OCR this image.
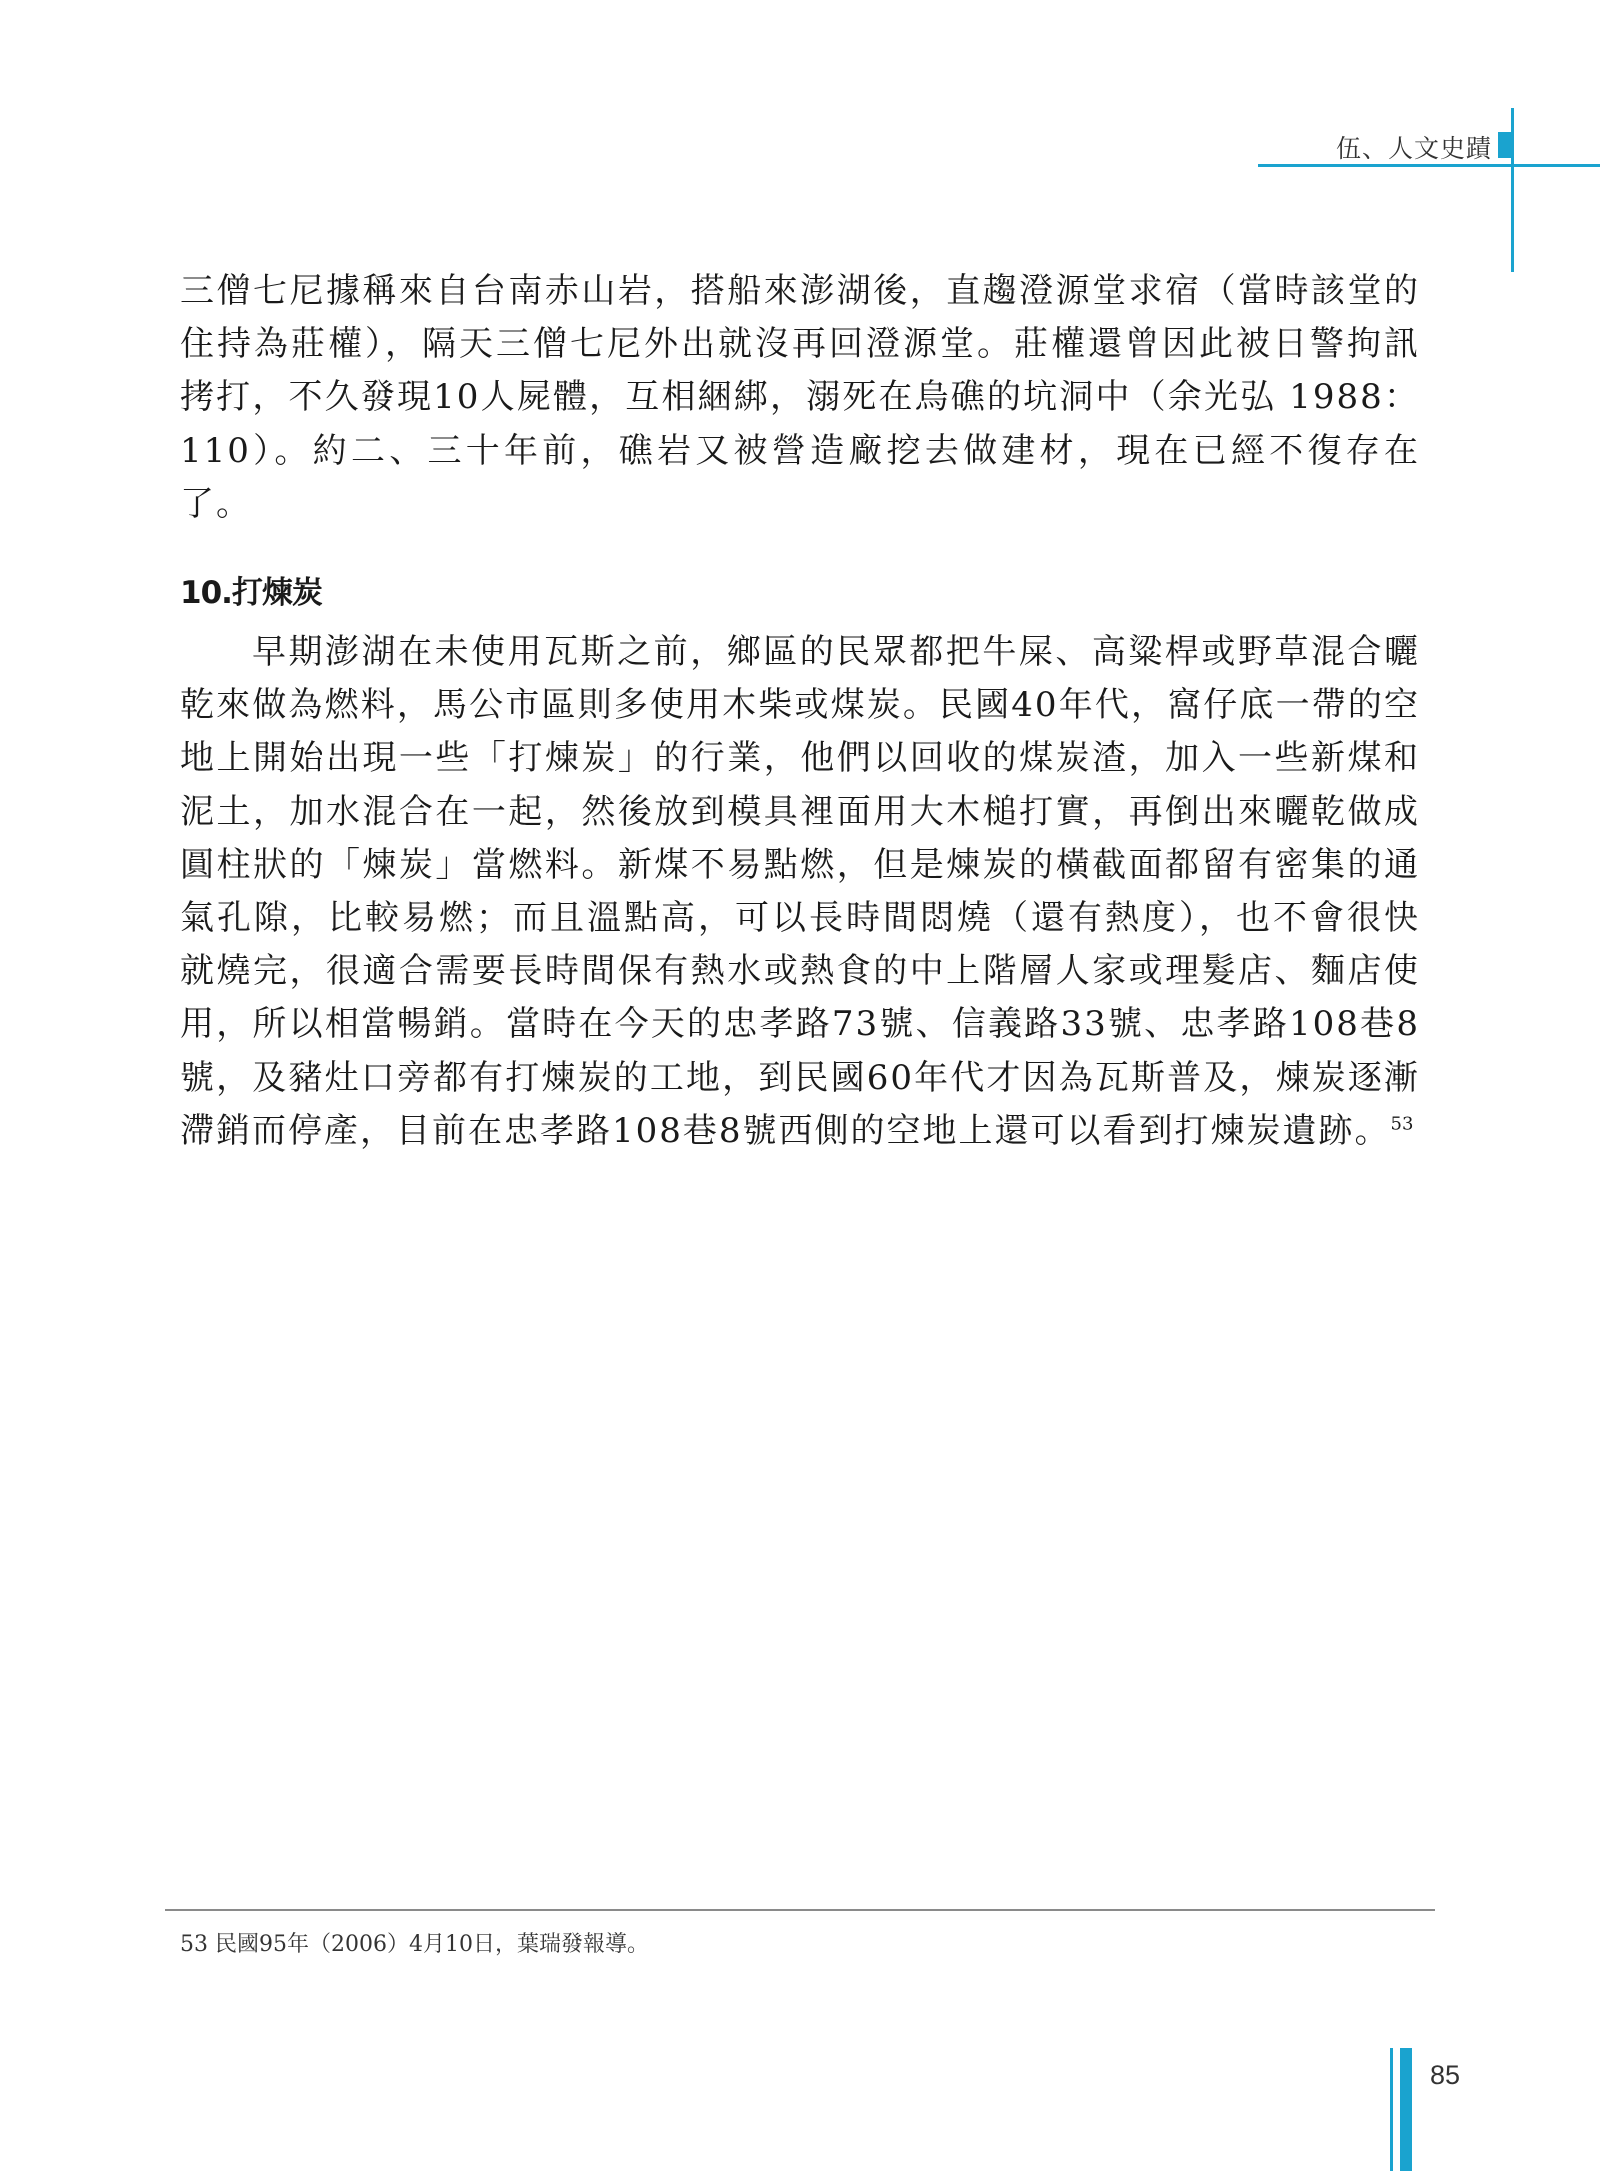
伍、人文史蹟

三僧七尼據稱來自台南赤山岩，搭船來澎湖後，直趨澄源堂求宿（當時該堂的住持為莊權），隔天三僧七尼外出就沒再回澄源堂。莊權還曾因此被日警拘訊拷打，不久發現10人屍體，互相綑綁，溺死在烏礁的坑洞中（余光弘 1988：110）。約二、三十年前，礁岩又被營造廠挖去做建材，現在已經不復存在了。

10.打煉炭

早期澎湖在未使用瓦斯之前，鄉區的民眾都把牛屎、高粱桿或野草混合曬乾來做為燃料，馬公市區則多使用木柴或煤炭。民國40年代，窩仔底一帶的空地上開始出現一些「打煉炭」的行業，他們以回收的煤炭渣，加入一些新煤和泥土，加水混合在一起，然後放到模具裡面用大木槌打實，再倒出來曬乾做成圓柱狀的「煉炭」當燃料。新煤不易點燃，但是煉炭的橫截面都留有密集的通氣孔隙，比較易燃；而且溫點高，可以長時間悶燒（還有熱度），也不會很快就燒完，很適合需要長時間保有熱水或熱食的中上階層人家或理髮店、麵店使用，所以相當暢銷。當時在今天的忠孝路73號、信義路33號、忠孝路108巷8號，及豬灶口旁都有打煉炭的工地，到民國60年代才因為瓦斯普及，煉炭逐漸滯銷而停產，目前在忠孝路108巷8號西側的空地上還可以看到打煉炭遺跡。$^{53}$

53 民國95年（2006）4月10日，葉瑞發報導。
85
